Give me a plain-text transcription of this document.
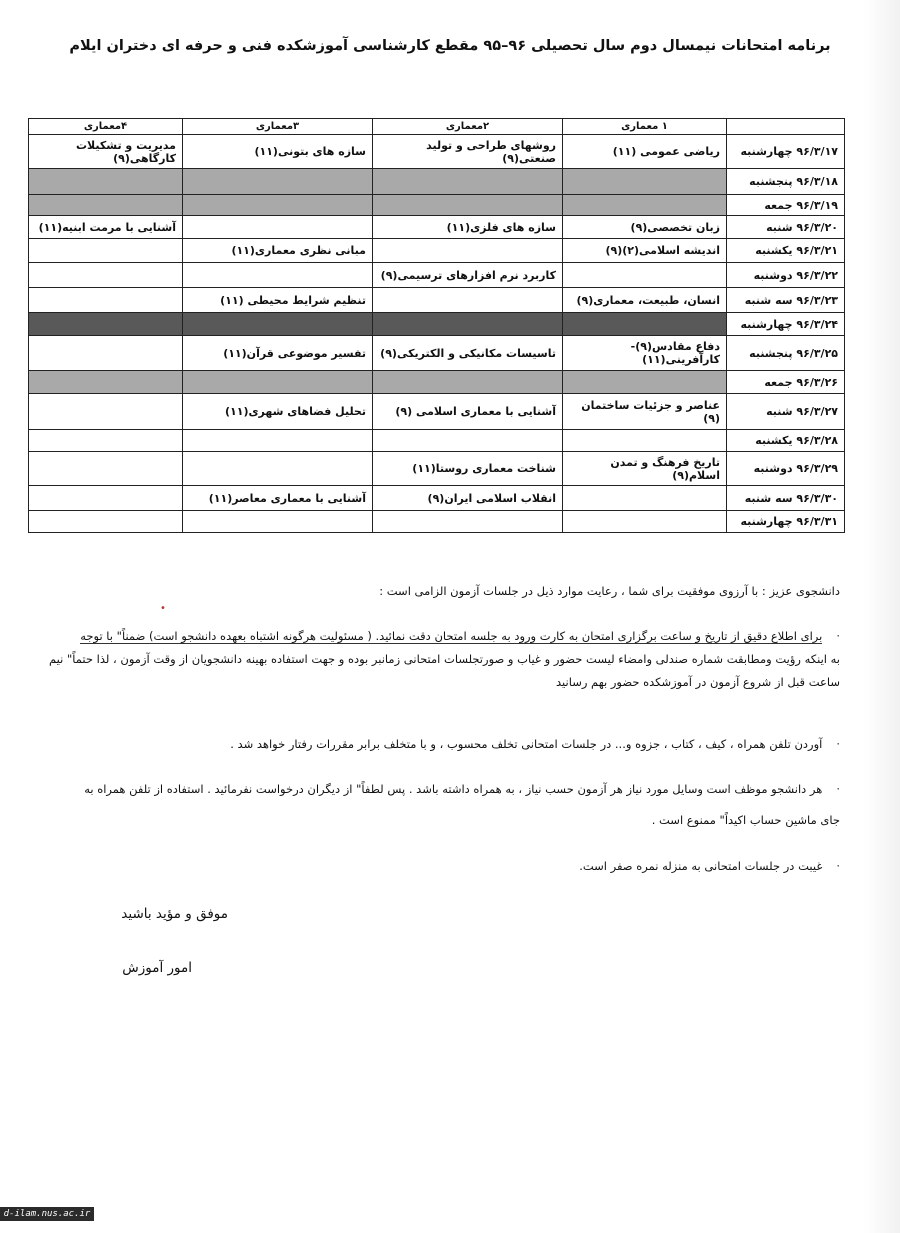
برنامه امتحانات نیمسال دوم سال تحصیلی ۹۶–۹۵ مقطع کارشناسی آموزشکده فنی و حرفه ای دختران ایلام
	۱ معماری	۲معماری	۳معماری	۴معماری
۹۶/۳/۱۷ چهارشنبه	ریاضی عمومی (۱۱)	روشهای طراحی و تولید صنعتی(۹)	سازه های بتونی(۱۱)	مدیریت و تشکیلات کارگاهی(۹)
۹۶/۳/۱۸ پنجشنبه				
۹۶/۳/۱۹ جمعه				
۹۶/۳/۲۰ شنبه	زبان تخصصی(۹)	سازه های فلزی(۱۱)		آشنایی با مرمت ابنیه(۱۱)
۹۶/۳/۲۱ یکشنبه	اندیشه اسلامی(۲)(۹)		مبانی نظری معماری(۱۱)	
۹۶/۳/۲۲ دوشنبه		کاربرد نرم افزارهای ترسیمی(۹)		
۹۶/۳/۲۳ سه شنبه	انسان، طبیعت، معماری(۹)		تنظیم شرایط محیطی (۱۱)	
۹۶/۳/۲۴ چهارشنبه				
۹۶/۳/۲۵ پنجشنبه	دفاع مقادس(۹)-کارآفرینی(۱۱)	تاسیسات مکانیکی و الکتریکی(۹)	تفسیر موضوعی قرآن(۱۱)	
۹۶/۳/۲۶ جمعه				
۹۶/۳/۲۷ شنبه	عناصر و جزئیات ساختمان (۹)	آشنایی با معماری اسلامی (۹)	تحلیل فضاهای شهری(۱۱)	
۹۶/۳/۲۸ یکشنبه				
۹۶/۳/۲۹ دوشنبه	تاریخ فرهنگ و تمدن اسلام(۹)	شناخت معماری روستا(۱۱)		
۹۶/۳/۳۰ سه شنبه		انقلاب اسلامی ایران(۹)	آشنایی با معماری معاصر(۱۱)	
۹۶/۳/۳۱ چهارشنبه				
دانشجوی عزیز : با آرزوی موفقیت برای شما ، رعایت موارد ذیل در جلسات آزمون الزامی است :
· برای اطلاع دقیق از تاریخ و ساعت برگزاری امتحان به کارت ورود به جلسه امتحان دقت نمائید. ( مسئولیت هرگونه اشتباه بعهده دانشجو است) ضمناً" با توجه
به اینکه رؤیت ومطابقت شماره صندلی وامضاء لیست حضور و غیاب و صورتجلسات امتحانی زمانبر بوده و جهت استفاده بهینه دانشجویان از وقت آزمون ، لذا حتماً" نیم
ساعت قبل از شروع آزمون در آموزشکده حضور بهم رسانید
· آوردن تلفن همراه ، کیف ، کتاب ، جزوه و... در جلسات امتحانی تخلف محسوب ، و با متخلف برابر مقررات رفتار خواهد شد .
· هر دانشجو موظف است وسایل مورد نیاز هر آزمون حسب نیاز ، به همراه داشته باشد . پس لطفاً" از دیگران درخواست نفرمائید . استفاده از تلفن همراه به
جای ماشین حساب اکیداً" ممنوع است .
· غیبت در جلسات امتحانی به منزله نمره صفر است.
موفق و مؤید باشید
امور آموزش
•
d-ilam.nus.ac.ir
